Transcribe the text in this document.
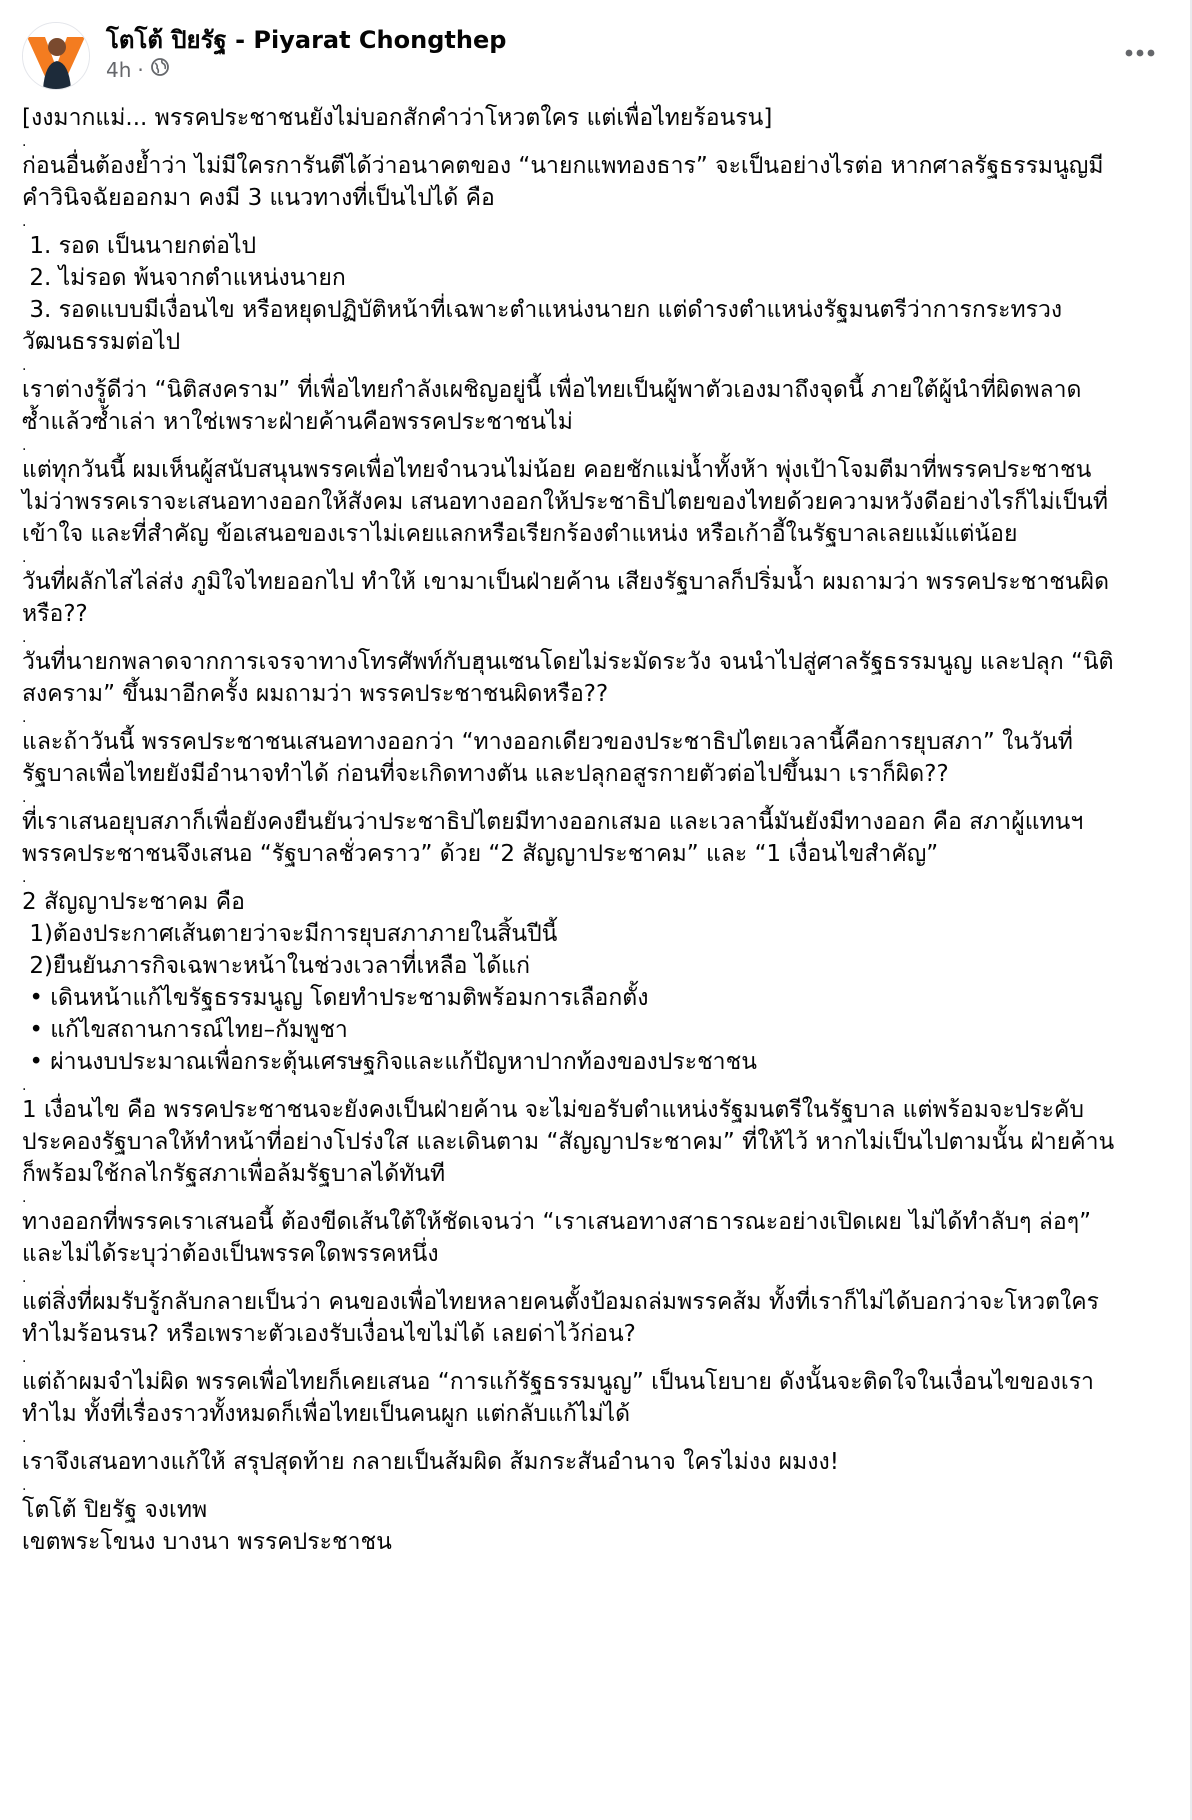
โตโต้ ปิยรัฐ - Piyarat Chongthep
4h ·
[งงมากแม่... พรรคประชาชนยังไม่บอกสักคำว่าโหวตใคร แต่เพื่อไทยร้อนรน]
.
ก่อนอื่นต้องย้ำว่า ไม่มีใครการันตีได้ว่าอนาคตของ “นายกแพทองธาร” จะเป็นอย่างไรต่อ หากศาลรัฐธรรมนูญมี
คำวินิจฉัยออกมา คงมี 3 แนวทางที่เป็นไปได้ คือ
.
1. รอด เป็นนายกต่อไป
2. ไม่รอด พ้นจากตำแหน่งนายก
3. รอดแบบมีเงื่อนไข หรือหยุดปฏิบัติหน้าที่เฉพาะตำแหน่งนายก แต่ดำรงตำแหน่งรัฐมนตรีว่าการกระทรวง
วัฒนธรรมต่อไป
.
เราต่างรู้ดีว่า “นิติสงคราม” ที่เพื่อไทยกำลังเผชิญอยู่นี้ เพื่อไทยเป็นผู้พาตัวเองมาถึงจุดนี้ ภายใต้ผู้นำที่ผิดพลาด
ซ้ำแล้วซ้ำเล่า หาใช่เพราะฝ่ายค้านคือพรรคประชาชนไม่
.
แต่ทุกวันนี้ ผมเห็นผู้สนับสนุนพรรคเพื่อไทยจำนวนไม่น้อย คอยชักแม่น้ำทั้งห้า พุ่งเป้าโจมตีมาที่พรรคประชาชน
ไม่ว่าพรรคเราจะเสนอทางออกให้สังคม เสนอทางออกให้ประชาธิปไตยของไทยด้วยความหวังดีอย่างไรก็ไม่เป็นที่
เข้าใจ และที่สำคัญ ข้อเสนอของเราไม่เคยแลกหรือเรียกร้องตำแหน่ง หรือเก้าอี้ในรัฐบาลเลยแม้แต่น้อย
.
วันที่ผลักไสไล่ส่ง ภูมิใจไทยออกไป ทำให้ เขามาเป็นฝ่ายค้าน เสียงรัฐบาลก็ปริ่มน้ำ ผมถามว่า พรรคประชาชนผิด
หรือ??
.
วันที่นายกพลาดจากการเจรจาทางโทรศัพท์กับฮุนเซนโดยไม่ระมัดระวัง จนนำไปสู่ศาลรัฐธรรมนูญ และปลุก “นิติ
สงคราม” ขึ้นมาอีกครั้ง ผมถามว่า พรรคประชาชนผิดหรือ??
.
และถ้าวันนี้ พรรคประชาชนเสนอทางออกว่า “ทางออกเดียวของประชาธิปไตยเวลานี้คือการยุบสภา” ในวันที่
รัฐบาลเพื่อไทยยังมีอำนาจทำได้ ก่อนที่จะเกิดทางตัน และปลุกอสูรกายตัวต่อไปขึ้นมา เราก็ผิด??
.
ที่เราเสนอยุบสภาก็เพื่อยังคงยืนยันว่าประชาธิปไตยมีทางออกเสมอ และเวลานี้มันยังมีทางออก คือ สภาผู้แทนฯ
พรรคประชาชนจึงเสนอ “รัฐบาลชั่วคราว” ด้วย “2 สัญญาประชาคม” และ “1 เงื่อนไขสำคัญ”
.
2 สัญญาประชาคม คือ
1)ต้องประกาศเส้นตายว่าจะมีการยุบสภาภายในสิ้นปีนี้
2)ยืนยันภารกิจเฉพาะหน้าในช่วงเวลาที่เหลือ ได้แก่
• เดินหน้าแก้ไขรัฐธรรมนูญ โดยทำประชามติพร้อมการเลือกตั้ง
• แก้ไขสถานการณ์ไทย–กัมพูชา
• ผ่านงบประมาณเพื่อกระตุ้นเศรษฐกิจและแก้ปัญหาปากท้องของประชาชน
.
1 เงื่อนไข คือ พรรคประชาชนจะยังคงเป็นฝ่ายค้าน จะไม่ขอรับตำแหน่งรัฐมนตรีในรัฐบาล แต่พร้อมจะประคับ
ประคองรัฐบาลให้ทำหน้าที่อย่างโปร่งใส และเดินตาม “สัญญาประชาคม” ที่ให้ไว้ หากไม่เป็นไปตามนั้น ฝ่ายค้าน
ก็พร้อมใช้กลไกรัฐสภาเพื่อล้มรัฐบาลได้ทันที
.
ทางออกที่พรรคเราเสนอนี้ ต้องขีดเส้นใต้ให้ชัดเจนว่า “เราเสนอทางสาธารณะอย่างเปิดเผย ไม่ได้ทำลับๆ ล่อๆ”
และไม่ได้ระบุว่าต้องเป็นพรรคใดพรรคหนึ่ง
.
แต่สิ่งที่ผมรับรู้กลับกลายเป็นว่า คนของเพื่อไทยหลายคนตั้งป้อมถล่มพรรคส้ม ทั้งที่เราก็ไม่ได้บอกว่าจะโหวตใคร
ทำไมร้อนรน? หรือเพราะตัวเองรับเงื่อนไขไม่ได้ เลยด่าไว้ก่อน?
.
แต่ถ้าผมจำไม่ผิด พรรคเพื่อไทยก็เคยเสนอ “การแก้รัฐธรรมนูญ” เป็นนโยบาย ดังนั้นจะติดใจในเงื่อนไขของเรา
ทำไม ทั้งที่เรื่องราวทั้งหมดก็เพื่อไทยเป็นคนผูก แต่กลับแก้ไม่ได้
.
เราจึงเสนอทางแก้ให้ สรุปสุดท้าย กลายเป็นส้มผิด ส้มกระสันอำนาจ ใครไม่งง ผมงง!
.
โตโต้ ปิยรัฐ จงเทพ
เขตพระโขนง บางนา พรรคประชาชน
